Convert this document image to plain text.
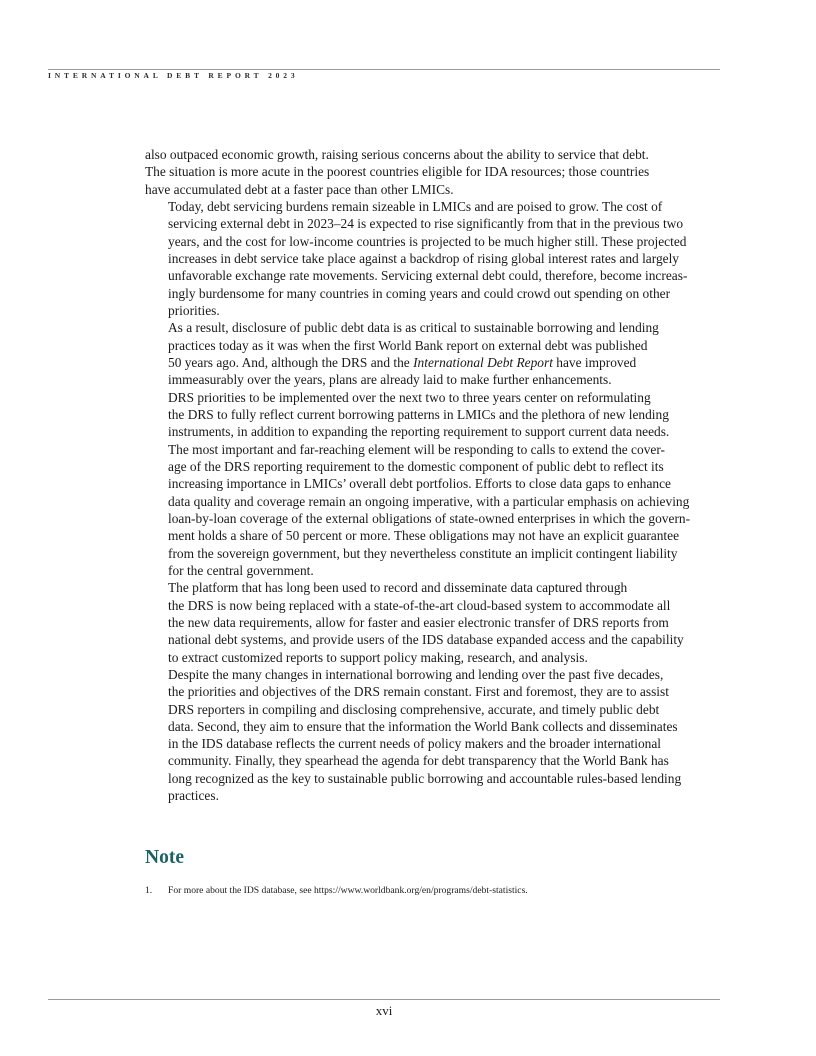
INTERNATIONAL DEBT REPORT 2023

also outpaced economic growth, raising serious concerns about the ability to service that debt.
The situation is more acute in the poorest countries eligible for IDA resources; those countries
have accumulated debt at a faster pace than other LMICs.

Today, debt servicing burdens remain sizeable in LMICs and are poised to grow. The cost of
servicing external debt in 2023–24 is expected to rise significantly from that in the previous two
years, and the cost for low-income countries is projected to be much higher still. These projected
increases in debt service take place against a backdrop of rising global interest rates and largely
unfavorable exchange rate movements. Servicing external debt could, therefore, become increas-
ingly burdensome for many countries in coming years and could crowd out spending on other
priorities.

As a result, disclosure of public debt data is as critical to sustainable borrowing and lending
practices today as it was when the first World Bank report on external debt was published
50 years ago. And, although the DRS and the International Debt Report have improved
immeasurably over the years, plans are already laid to make further enhancements.

DRS priorities to be implemented over the next two to three years center on reformulating
the DRS to fully reflect current borrowing patterns in LMICs and the plethora of new lending
instruments, in addition to expanding the reporting requirement to support current data needs.
The most important and far-reaching element will be responding to calls to extend the cover-
age of the DRS reporting requirement to the domestic component of public debt to reflect its
increasing importance in LMICs’ overall debt portfolios. Efforts to close data gaps to enhance
data quality and coverage remain an ongoing imperative, with a particular emphasis on achieving
loan-by-loan coverage of the external obligations of state-owned enterprises in which the govern-
ment holds a share of 50 percent or more. These obligations may not have an explicit guarantee
from the sovereign government, but they nevertheless constitute an implicit contingent liability
for the central government.

The platform that has long been used to record and disseminate data captured through
the DRS is now being replaced with a state-of-the-art cloud-based system to accommodate all
the new data requirements, allow for faster and easier electronic transfer of DRS reports from
national debt systems, and provide users of the IDS database expanded access and the capability
to extract customized reports to support policy making, research, and analysis.

Despite the many changes in international borrowing and lending over the past five decades,
the priorities and objectives of the DRS remain constant. First and foremost, they are to assist
DRS reporters in compiling and disclosing comprehensive, accurate, and timely public debt
data. Second, they aim to ensure that the information the World Bank collects and disseminates
in the IDS database reflects the current needs of policy makers and the broader international
community. Finally, they spearhead the agenda for debt transparency that the World Bank has
long recognized as the key to sustainable public borrowing and accountable rules-based lending
practices.

Note
1. For more about the IDS database, see https://www.worldbank.org/en/programs/debt-statistics.
xvi
